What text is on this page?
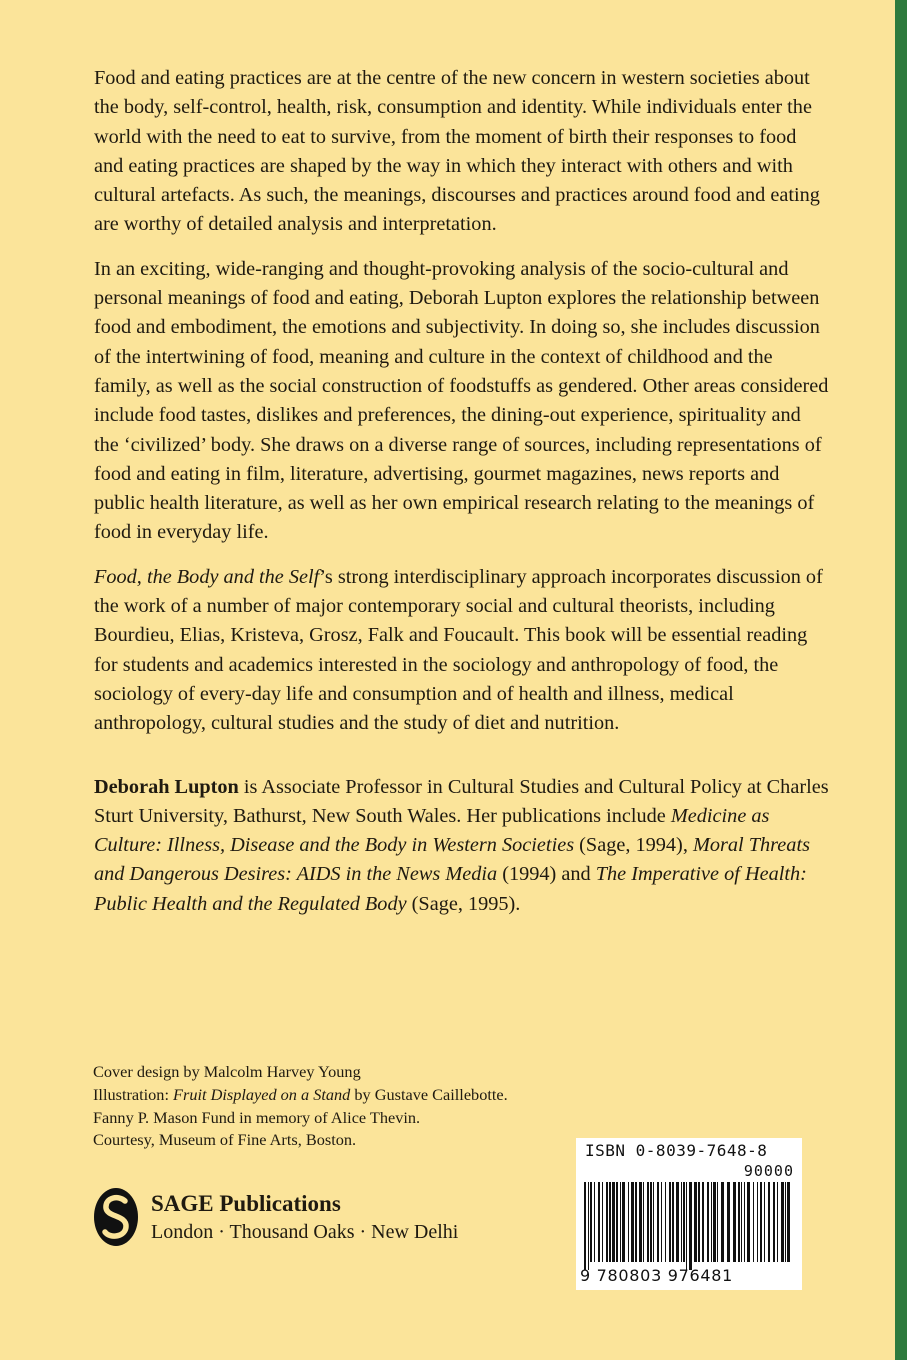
Food and eating practices are at the centre of the new concern in western societies about the body, self-control, health, risk, consumption and identity. While individuals enter the world with the need to eat to survive, from the moment of birth their responses to food and eating practices are shaped by the way in which they interact with others and with cultural artefacts. As such, the meanings, discourses and practices around food and eating are worthy of detailed analysis and interpretation.

In an exciting, wide-ranging and thought-provoking analysis of the socio-cultural and personal meanings of food and eating, Deborah Lupton explores the relationship between food and embodiment, the emotions and subjectivity. In doing so, she includes discussion of the intertwining of food, meaning and culture in the context of childhood and the family, as well as the social construction of foodstuffs as gendered. Other areas considered include food tastes, dislikes and preferences, the dining-out experience, spirituality and the ‘civilized’ body. She draws on a diverse range of sources, including representations of food and eating in film, literature, advertising, gourmet magazines, news reports and public health literature, as well as her own empirical research relating to the meanings of food in everyday life.

Food, the Body and the Self’s strong interdisciplinary approach incorporates discussion of the work of a number of major contemporary social and cultural theorists, including Bourdieu, Elias, Kristeva, Grosz, Falk and Foucault. This book will be essential reading for students and academics interested in the sociology and anthropology of food, the sociology of every-day life and consumption and of health and illness, medical anthropology, cultural studies and the study of diet and nutrition.

Deborah Lupton is Associate Professor in Cultural Studies and Cultural Policy at Charles Sturt University, Bathurst, New South Wales. Her publications include Medicine as Culture: Illness, Disease and the Body in Western Societies (Sage, 1994), Moral Threats and Dangerous Desires: AIDS in the News Media (1994) and The Imperative of Health: Public Health and the Regulated Body (Sage, 1995).

Cover design by Malcolm Harvey Young
Illustration: Fruit Displayed on a Stand by Gustave Caillebotte.
Fanny P. Mason Fund in memory of Alice Thevin.
Courtesy, Museum of Fine Arts, Boston.
SAGE Publications
London · Thousand Oaks · New Delhi
ISBN 0-8039-7648-8
90000
9 780803 976481
